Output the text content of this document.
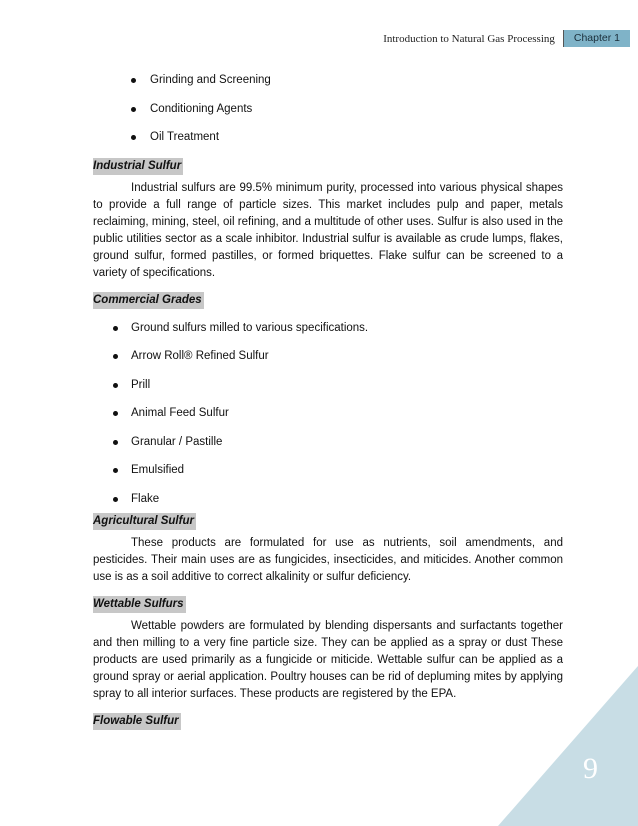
Introduction to Natural Gas Processing	Chapter 1
Grinding and Screening
Conditioning Agents
Oil Treatment
Industrial Sulfur

Industrial sulfurs are 99.5% minimum purity, processed into various physical shapes to provide a full range of particle sizes. This market includes pulp and paper, metals reclaiming, mining, steel, oil refining, and a multitude of other uses. Sulfur is also used in the public utilities sector as a scale inhibitor. Industrial sulfur is available as crude lumps, flakes, ground sulfur, formed pastilles, or formed briquettes. Flake sulfur can be screened to a variety of specifications.

Commercial Grades
Ground sulfurs milled to various specifications.
Arrow Roll® Refined Sulfur
Prill
Animal Feed Sulfur
Granular / Pastille
Emulsified
Flake
Agricultural Sulfur

These products are formulated for use as nutrients, soil amendments, and pesticides. Their main uses are as fungicides, insecticides, and miticides. Another common use is as a soil additive to correct alkalinity or sulfur deficiency.

Wettable Sulfurs

Wettable powders are formulated by blending dispersants and surfactants together and then milling to a very fine particle size. They can be applied as a spray or dust These products are used primarily as a fungicide or miticide. Wettable sulfur can be applied as a ground spray or aerial application. Poultry houses can be rid of depluming mites by applying spray to all interior surfaces. These products are registered by the EPA.

Flowable Sulfur
9
